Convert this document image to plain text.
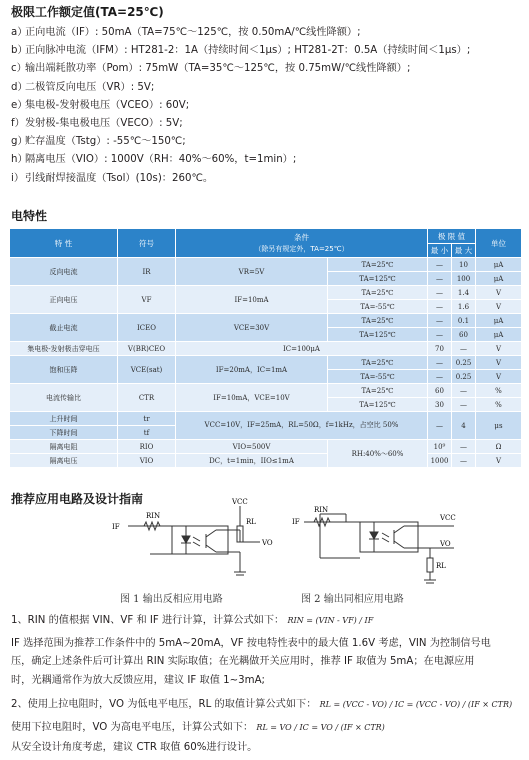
极限工作额定值(TA=25℃)
a）正向电流（IF）: 50mA（TA=75℃～125℃，按 0.50mA/℃线性降额）;
b）正向脉冲电流（IFM）: HT281-2：1A（持续时间＜1μs）; HT281-2T：0.5A（持续时间＜1μs）;
c）输出端耗散功率（Pom）: 75mW（TA=35℃～125℃，按 0.75mW/℃线性降额）;
d）二极管反向电压（VR）: 5V;
e）集电极-发射极电压（VCEO）: 60V;
f）发射极-集电极电压（VECO）: 5V;
g）贮存温度（Tstg）: -55℃～150℃;
h）隔离电压（VIO）: 1000V（RH：40%～60%，t=1min）;
i）引线耐焊接温度（Tsol）(10s)：260℃。
电特性
特 性	符号	条件
（除另有规定外，TA=25℃）		极 限 值		单位
				最 小	最 大	
反向电流	IR	VR=5V	TA=25℃	—	10	μA
			TA=125℃	—	100	μA
正向电压	VF	IF=10mA	TA=25℃	—	1.4	V
			TA=-55℃	—	1.6	V
截止电流	ICEO	VCE=30V	TA=25℃	—	0.1	μA
			TA=125℃	—	60	μA
集电极-发射极击穿电压	V(BR)CEO	IC=100μA		70	—	V
饱和压降	VCE(sat)	IF=20mA，IC=1mA	TA=25℃	—	0.25	V
			TA=-55℃	—	0.25	V
电流传输比	CTR	IF=10mA，VCE=10V	TA=25℃	60	—	%
			TA=125℃	30	—	%
上升时间	tr	VCC=10V，IF=25mA，RL=50Ω，f=1kHz，占空比 50%		—	4	μs
下降时间	tf					
隔离电阻	RIO	VIO=500V	RH:40%～60%	10⁹	—	Ω
隔离电压	VIO	DC，t=1min，IIO≤1mA		1000	—	V
推荐应用电路及设计指南	VCC
RL
VO
RIN
IF
VCC
VO
RL
RIN
IF
图 1 输出反相应用电路	图 2 输出同相应用电路
1、RIN 的值根据 VIN、VF 和 IF 进行计算，计算公式如下： RIN = (VIN - VF) / IF
IF 选择范围为推荐工作条件中的 5mA~20mA，VF 按电特性表中的最大值 1.6V 考虑，VIN 为控制信号电
压，确定上述条件后可计算出 RIN 实际取值；在光耦做开关应用时，推荐 IF 取值为 5mA；在电源应用
时，光耦通常作为放大反馈应用，建议 IF 取值 1~3mA;
2、使用上拉电阻时，VO 为低电平电压，RL 的取值计算公式如下： RL = (VCC - VO) / IC = (VCC - VO) / (IF × CTR)
使用下拉电阻时，VO 为高电平电压，计算公式如下： RL = VO / IC = VO / (IF × CTR)
从安全设计角度考虑，建议 CTR 取值 60%进行设计。
